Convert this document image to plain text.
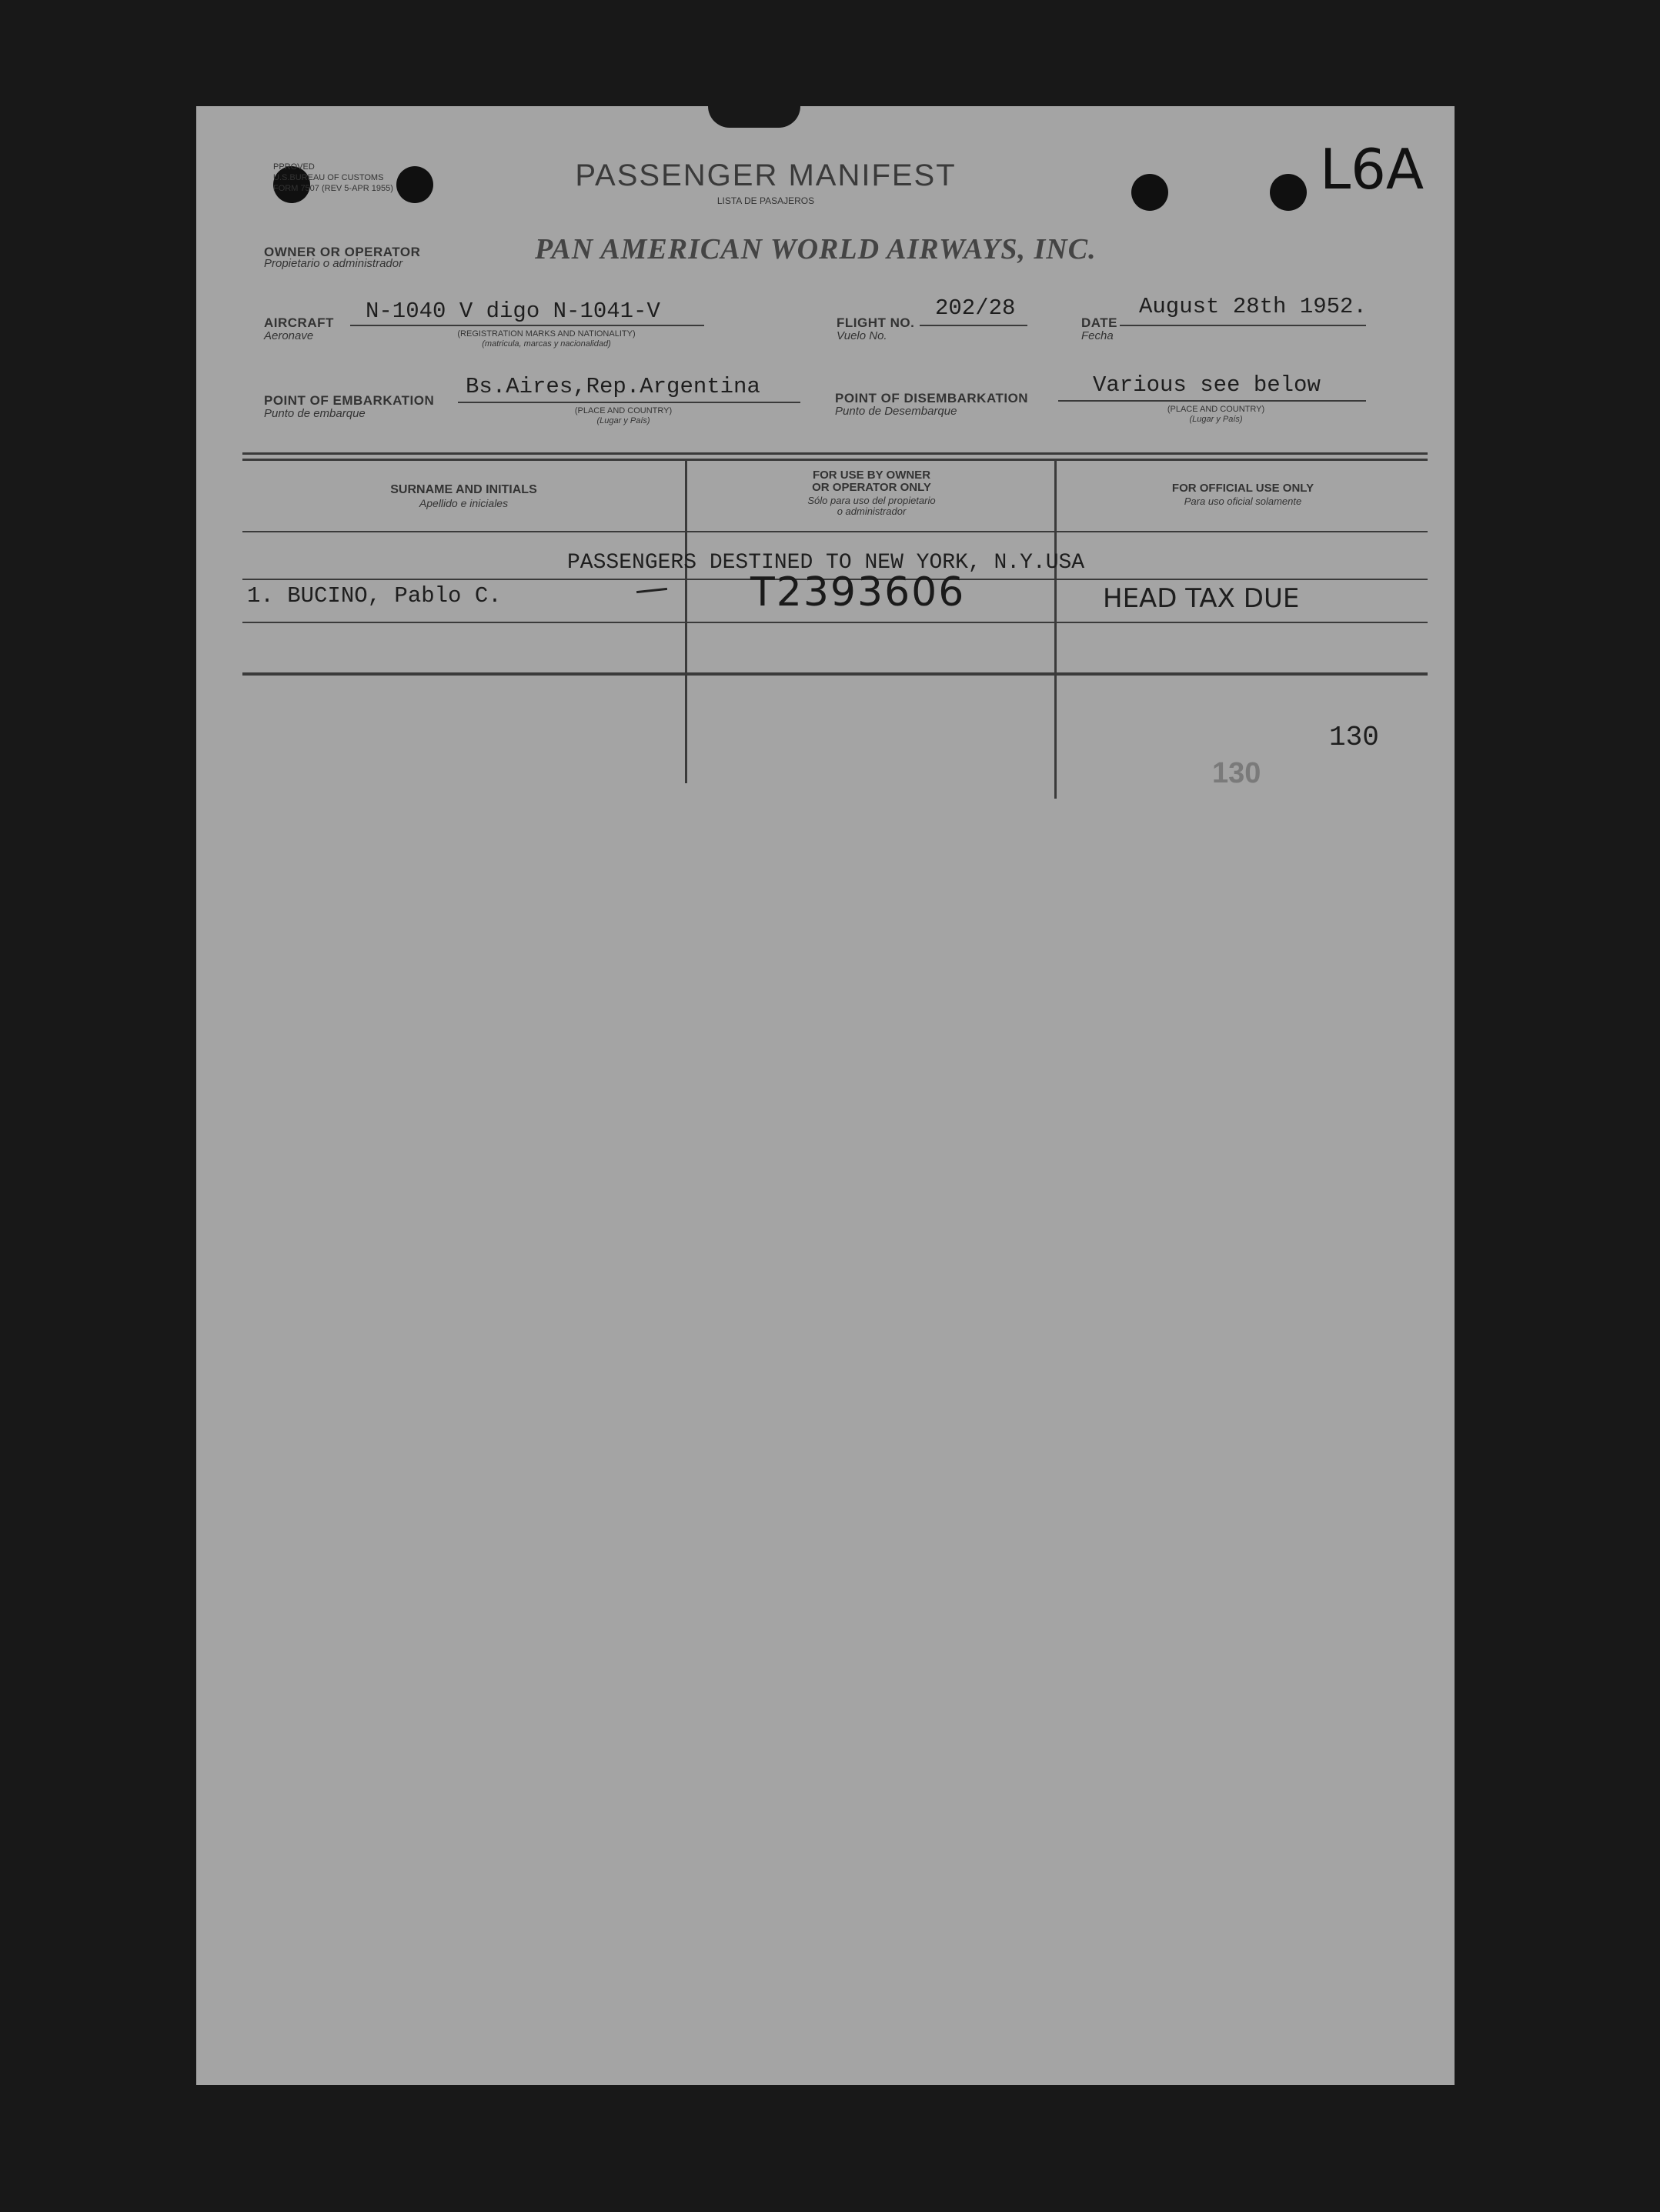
PPROVED
U.S.BUREAU OF CUSTOMS
FORM 7507 (REV 5-APR 1955)	PASSENGER MANIFEST
LISTA DE PASAJEROS	L6A
OWNER OR OPERATOR
Propietario o administrador	PAN AMERICAN WORLD AIRWAYS, INC.
AIRCRAFT
Aeronave
N-1040 V digo N-1041-V
(REGISTRATION MARKS AND NATIONALITY)
(matricula, marcas y nacionalidad)
FLIGHT NO.
Vuelo No.
202/28
DATE
Fecha
August 28th 1952.
POINT OF EMBARKATION
Punto de embarque
Bs.Aires,Rep.Argentina
(PLACE AND COUNTRY)
(Lugar y País)
POINT OF DISEMBARKATION
Punto de Desembarque
Various see below
(PLACE AND COUNTRY)
(Lugar y País)
SURNAME AND INITIALS
Apellido e iniciales
FOR USE BY OWNER
OR OPERATOR ONLY
Sólo para uso del propietario
o administrador
FOR OFFICIAL USE ONLY
Para uso oficial solamente
PASSENGERS DESTINED TO NEW YORK, N.Y.USA
1. BUCINO, Pablo C.	T2393606	HEAD TAX DUE
130
130
